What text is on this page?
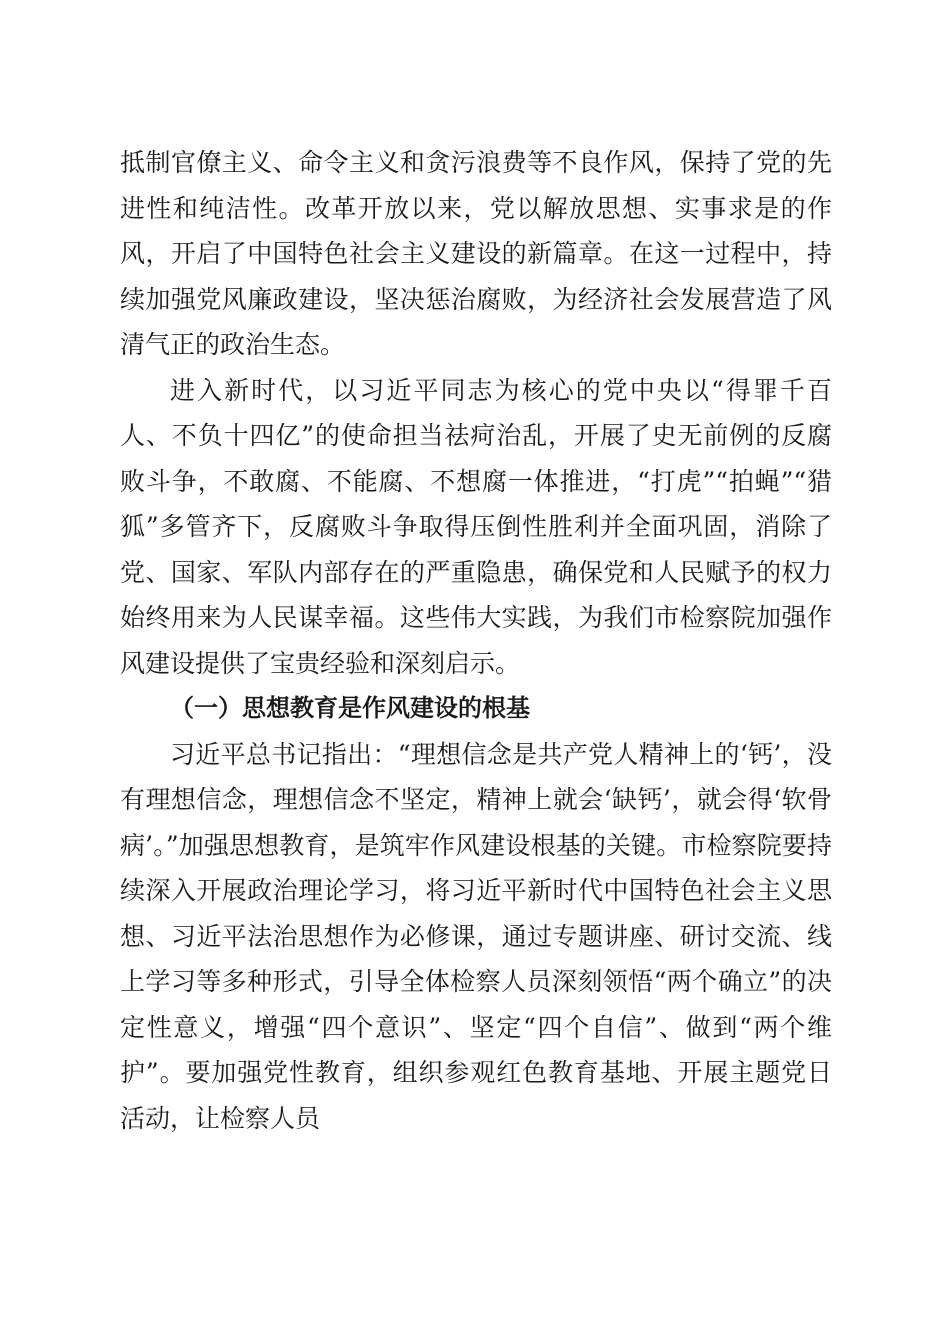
抵制官僚主义、命令主义和贪污浪费等不良作风，保持了党的先进性和纯洁性。改革开放以来，党以解放思想、实事求是的作风，开启了中国特色社会主义建设的新篇章。在这一过程中，持续加强党风廉政建设，坚决惩治腐败，为经济社会发展营造了风清气正的政治生态。

进入新时代，以习近平同志为核心的党中央以“得罪千百人、不负十四亿”的使命担当祛疴治乱，开展了史无前例的反腐败斗争，不敢腐、不能腐、不想腐一体推进，“打虎”“拍蝇”“猎狐”多管齐下，反腐败斗争取得压倒性胜利并全面巩固，消除了党、国家、军队内部存在的严重隐患，确保党和人民赋予的权力始终用来为人民谋幸福。这些伟大实践，为我们市检察院加强作风建设提供了宝贵经验和深刻启示。

（一）思想教育是作风建设的根基

习近平总书记指出：“理想信念是共产党人精神上的‘钙’，没有理想信念，理想信念不坚定，精神上就会‘缺钙’，就会得‘软骨病’。”加强思想教育，是筑牢作风建设根基的关键。市检察院要持续深入开展政治理论学习，将习近平新时代中国特色社会主义思想、习近平法治思想作为必修课，通过专题讲座、研讨交流、线上学习等多种形式，引导全体检察人员深刻领悟“两个确立”的决定性意义，增强“四个意识”、坚定“四个自信”、做到“两个维护”。要加强党性教育，组织参观红色教育基地、开展主题党日活动，让检察人员
